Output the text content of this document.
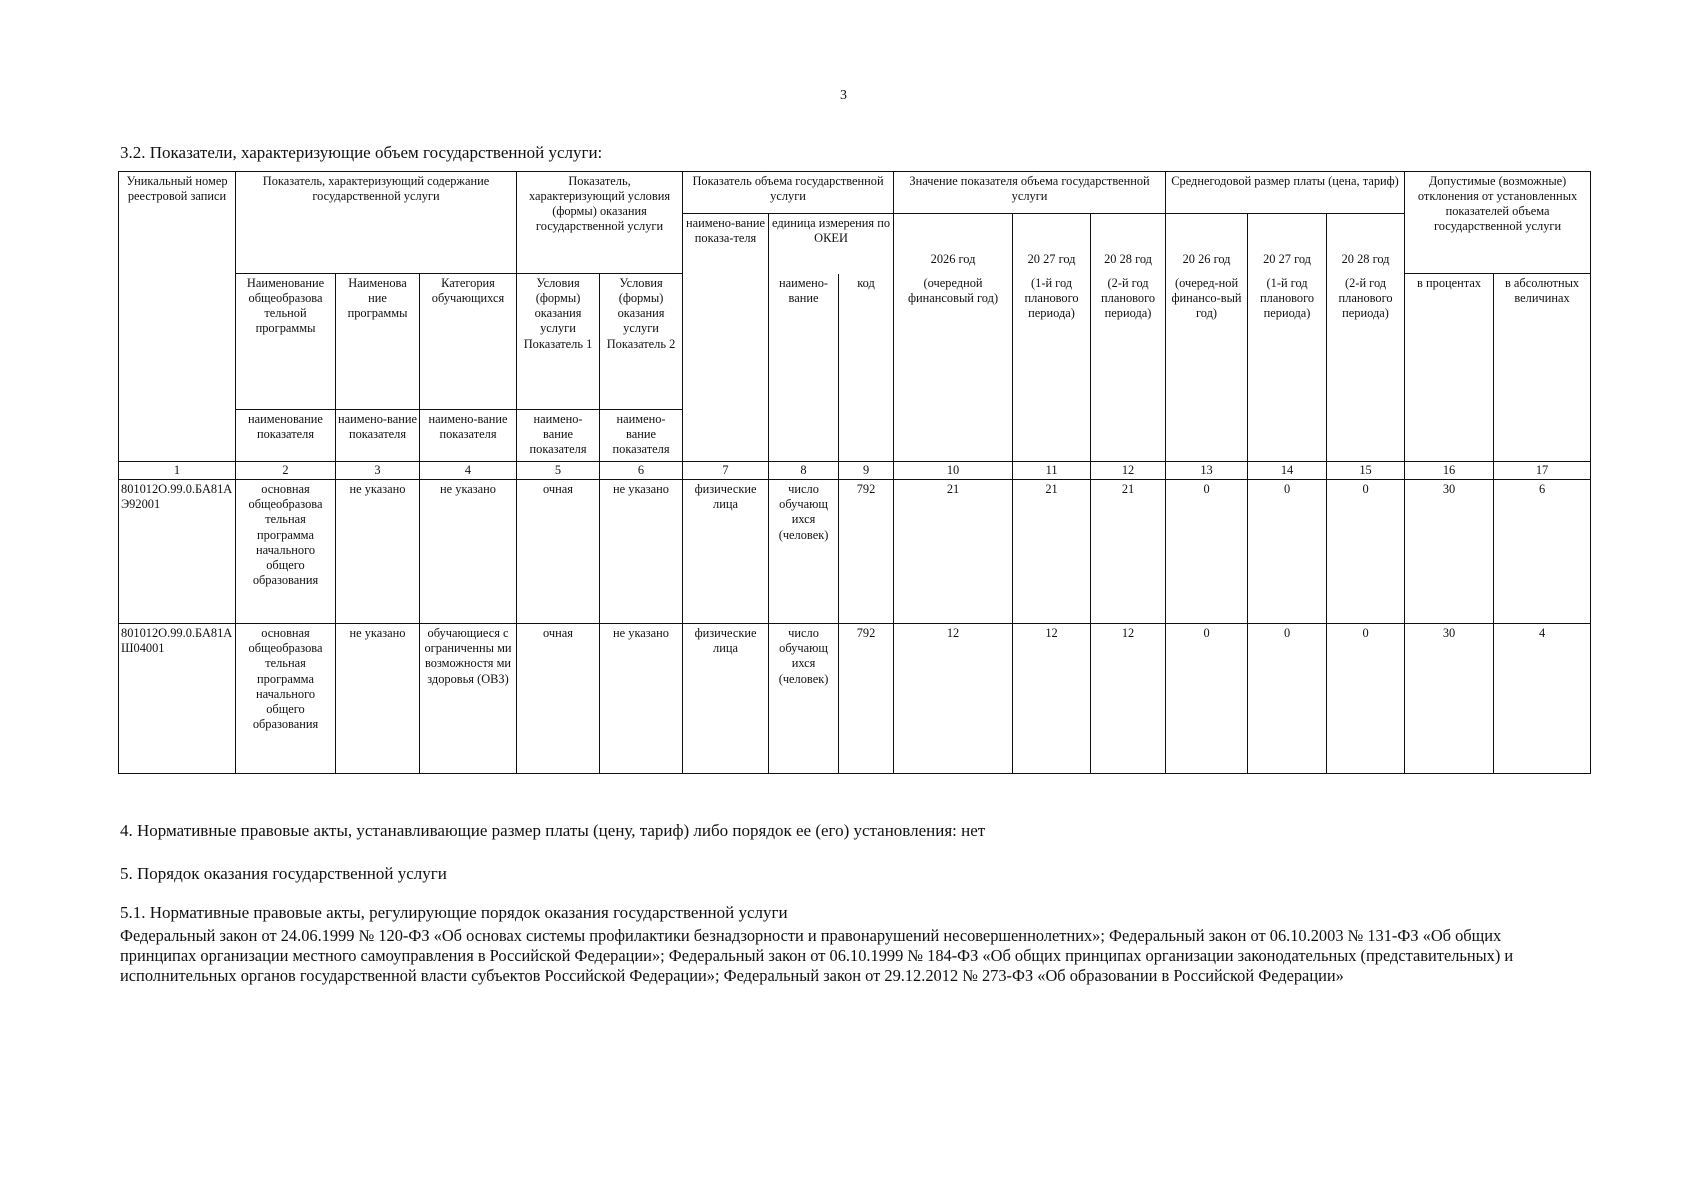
3
3.2. Показатели, характеризующие объем государственной услуги:
Уникальный номер реестровой записи	Показатель, характеризующий содержание государственной услуги			Показатель, характеризующий условия (формы) оказания государственной услуги		Показатель объема государственной услуги			Значение показателя объема государственной услуги			Среднегодовой размер платы (цена, тариф)			Допустимые (возможные) отклонения от установленных показателей объема государственной услуги	
						наимено-вание показа-теля	единица измерения по ОКЕИ		2026 год	20 27 год	20 28 год	20 26 год	20 27 год	20 28 год		

	Наименование общеобразова тельной программы	Наименова ние программы	Категория обучающихся	Условия (формы) оказания услуги Показатель 1	Условия (формы) оказания услуги Показатель 2		наимено-вание	код	(очередной финансовый год)	(1-й год планового периода)	(2-й год планового периода)	(очеред-ной финансо-вый год)	(1-й год планового периода)	(2-й год планового периода)	в процентах	в абсолютных величинах
	наименование показателя	наимено-вание показателя	наимено-вание показателя	наимено-вание показателя	наимено-вание показателя											

1	2	3	4	5	6	7	8	9	10	11	12	13	14	15	16	17
801012О.99.0.БА81АЭ92001	основная общеобразова тельная программа начального общего образования	не указано	не указано	очная	не указано	физические лица	число обучающ ихся (человек)	792	21	21	21	0	0	0	30	6
801012О.99.0.БА81АШ04001	основная общеобразова тельная программа начального общего образования	не указано	обучающиеся с ограниченны ми возможностя ми здоровья (ОВЗ)	очная	не указано	физические лица	число обучающ ихся (человек)	792	12	12	12	0	0	0	30	4
4. Нормативные правовые акты, устанавливающие размер платы (цену, тариф) либо порядок ее (его) установления: нет
5. Порядок оказания государственной услуги
5.1. Нормативные правовые акты, регулирующие порядок оказания государственной услуги
Федеральный закон от 24.06.1999 № 120-ФЗ «Об основах системы профилактики безнадзорности и правонарушений несовершеннолетних»; Федеральный закон от 06.10.2003 № 131-ФЗ «Об общих принципах организации местного самоуправления в Российской Федерации»; Федеральный закон от 06.10.1999 № 184-ФЗ «Об общих принципах организации законодательных (представительных) и исполнительных органов государственной власти субъектов Российской Федерации»; Федеральный закон от 29.12.2012 № 273-ФЗ «Об образовании в Российской Федерации»
